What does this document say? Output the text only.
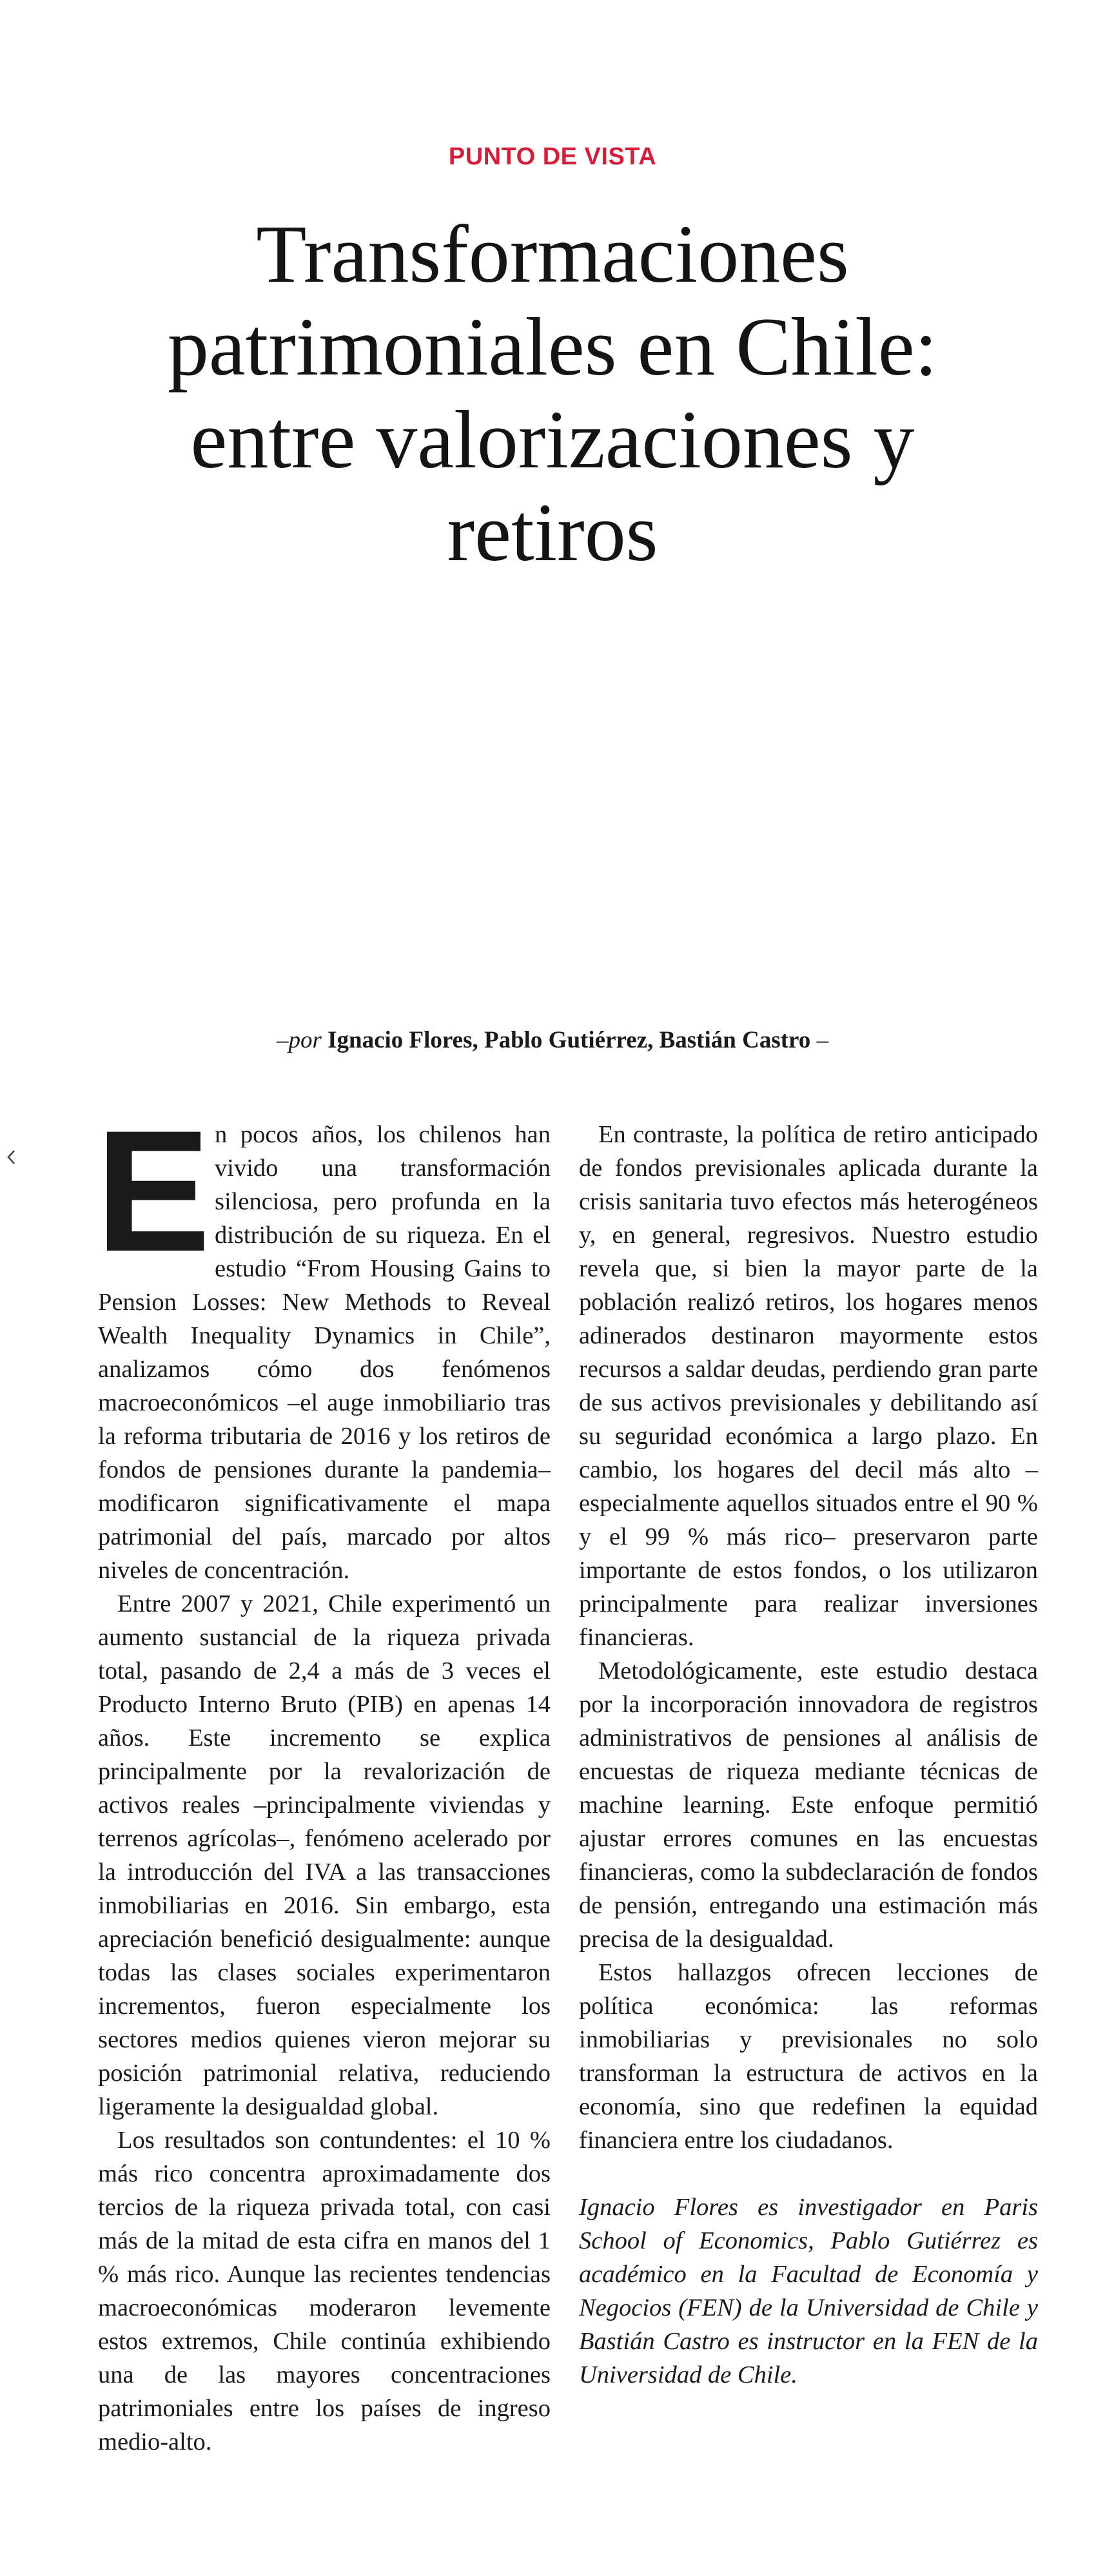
PUNTO DE VISTA
Transformaciones patrimoniales en Chile: entre valorizaciones y retiros
–por Ignacio Flores, Pablo Gutiérrez, Bastián Castro –

E n pocos años, los chilenos han vivido una transformación silenciosa, pero profunda en la distribución de su riqueza. En el estudio “From Housing Gains to Pension Losses: New Methods to Reveal Wealth Inequality Dynamics in Chile”, analizamos cómo dos fenómenos macroeconómicos –el auge inmobiliario tras la reforma tributaria de 2016 y los retiros de fondos de pensiones durante la pandemia– modificaron significativamente el mapa patrimonial del país, marcado por altos niveles de concentración.

Entre 2007 y 2021, Chile experimentó un aumento sustancial de la riqueza privada total, pasando de 2,4 a más de 3 veces el Producto Interno Bruto (PIB) en apenas 14 años. Este incremento se explica principalmente por la revalorización de activos reales –principalmente viviendas y terrenos agrícolas–, fenómeno acelerado por la introducción del IVA a las transacciones inmobiliarias en 2016. Sin embargo, esta apreciación benefició desigualmente: aunque todas las clases sociales experimentaron incrementos, fueron especialmente los sectores medios quienes vieron mejorar su posición patrimonial relativa, reduciendo ligeramente la desigualdad global.

Los resultados son contundentes: el 10 % más rico concentra aproximadamente dos tercios de la riqueza privada total, con casi más de la mitad de esta cifra en manos del 1 % más rico. Aunque las recientes tendencias macroeconómicas moderaron levemente estos extremos, Chile continúa exhibiendo una de las mayores concentraciones patrimoniales entre los países de ingreso medio-alto.

En contraste, la política de retiro anticipado de fondos previsionales aplicada durante la crisis sanitaria tuvo efectos más heterogéneos y, en general, regresivos. Nuestro estudio revela que, si bien la mayor parte de la población realizó retiros, los hogares menos adinerados destinaron mayormente estos recursos a saldar deudas, perdiendo gran parte de sus activos previsionales y debilitando así su seguridad económica a largo plazo. En cambio, los hogares del decil más alto –especialmente aquellos situados entre el 90 % y el 99 % más rico– preservaron parte importante de estos fondos, o los utilizaron principalmente para realizar inversiones financieras.

Metodológicamente, este estudio destaca por la incorporación innovadora de registros administrativos de pensiones al análisis de encuestas de riqueza mediante técnicas de machine learning. Este enfoque permitió ajustar errores comunes en las encuestas financieras, como la subdeclaración de fondos de pensión, entregando una estimación más precisa de la desigualdad.

Estos hallazgos ofrecen lecciones de política económica: las reformas inmobiliarias y previsionales no solo transforman la estructura de activos en la economía, sino que redefinen la equidad financiera entre los ciudadanos.

Ignacio Flores es investigador en Paris School of Economics, Pablo Gutiérrez es académico en la Facultad de Economía y Negocios (FEN) de la Universidad de Chile y Bastián Castro es instructor en la FEN de la Universidad de Chile.
